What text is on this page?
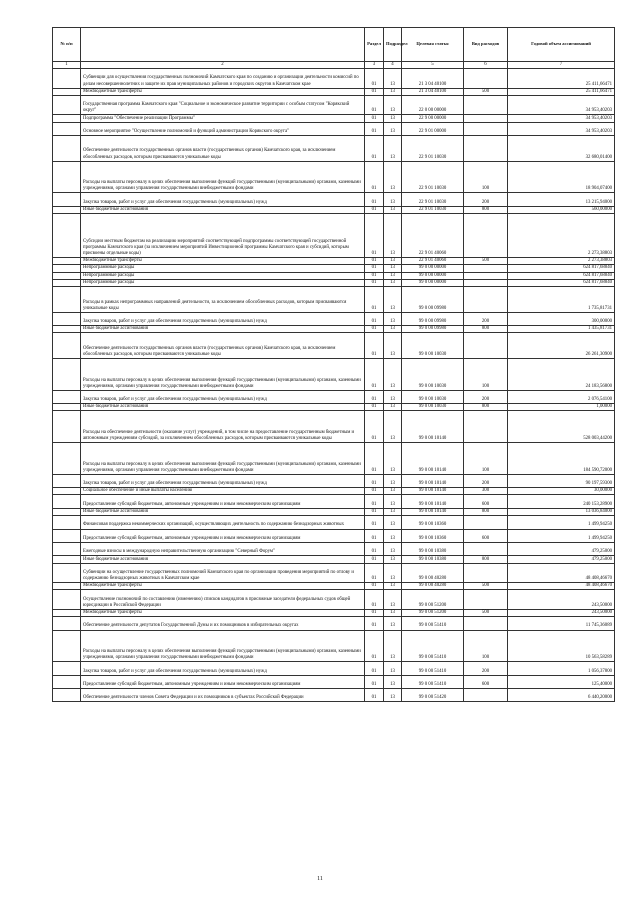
№ п/п		Раздел	Подраздел	Целевая статья	Вид расходов	Годовой объем ассигнований
1	2	3	4	5	6	7
	Субвенции для осуществления государственных полномочий Камчатского края по созданию и организации деятельности комиссий по делам несовершеннолетних и защите их прав муниципальных районов и городских округов в Камчатском крае	01	13	21 3 04 40100		25 411,66471
	Межбюджетные трансферты	01	13	21 3 04 40100	500	25 411,66471
	Государственная программа Камчатского края "Социальное и экономическое развитие территории с особым статусом "Корякский округ"	01	13	22 0 00 00000		34 953,40203
	Подпрограмма "Обеспечение реализации Программы"	01	13	22 9 00 00000		34 953,40203
	Основное мероприятие "Осуществление полномочий и функций администрации Корякского округа"	01	13	22 9 01 00000		34 953,40203
	Обеспечение деятельности государственных органов власти (государственных органов) Камчатского края, за исключением обособленных расходов, которым присваиваются уникальные коды	01	13	22 9 01 10030		32 680,01400
	Расходы на выплаты персоналу в целях обеспечения выполнения функций государственными (муниципальными) органами, казенными учреждениями, органами управления государственными внебюджетными фондами	01	13	22 9 01 10030	100	18 904,07400
	Закупка товаров, работ и услуг для обеспечения государственных (муниципальных) нужд	01	13	22 9 01 10030	200	13 215,94000
	Иные бюджетные ассигнования	01	13	22 9 01 10030	800	560,00000
	Субсидии местным бюджетам на реализацию мероприятий соответствующей подпрограммы соответствующей государственной программы Камчатского края (за исключением мероприятий Инвестиционной программы Камчатского края и субсидий, которым присвоены отдельные коды)	01	13	22 9 01 40060		2 273,38803
	Межбюджетные трансферты	01	13	22 9 01 40060	500	2 273,38803
	Непрограммные расходы	01	13	99 0 00 00000		624 817,68840
	Непрограммные расходы	01	13	99 0 00 00000		624 817,68840
	Непрограммные расходы	01	13	99 0 00 00000		624 817,68840
	Расходы в рамках непрограммных направлений деятельности, за исключением обособленных расходов, которым присваиваются уникальные коды	01	13	99 0 00 09980		1 735,81731
	Закупка товаров, работ и услуг для обеспечения государственных (муниципальных) нужд	01	13	99 0 00 09980	200	300,00000
	Иные бюджетные ассигнования	01	13	99 0 00 09980	800	1 435,81731
	Обеспечение деятельности государственных органов власти (государственных органов) Камчатского края, за исключением обособленных расходов, которым присваиваются уникальные коды	01	13	99 0 00 10030		26 261,30900
	Расходы на выплаты персоналу в целях обеспечения выполнения функций государственными (муниципальными) органами, казенными учреждениями, органами управления государственными внебюджетными фондами	01	13	99 0 00 10030	100	24 183,56800
	Закупка товаров, работ и услуг для обеспечения государственных (муниципальных) нужд	01	13	99 0 00 10030	200	2 076,54100
	Иные бюджетные ассигнования	01	13	99 0 00 10030	800	1,00000
	Расходы на обеспечение деятельности (оказание услуг) учреждений, в том числе на предоставление государственным бюджетным и автономным учреждениям субсидий, за исключением обособленных расходов, которым присваиваются уникальные коды	01	13	99 0 00 10140		528 003,44200
	Расходы на выплаты персоналу в целях обеспечения выполнения функций государственными (муниципальными) органами, казенными учреждениями, органами управления государственными внебюджетными фондами	01	13	99 0 00 10140	100	184 590,72000
	Закупка товаров, работ и услуг для обеспечения государственных (муниципальных) нужд	01	13	99 0 00 10140	200	90 197,59300
	Социальное обеспечение и иные выплаты населению	01	13	99 0 00 10140	300	30,00000
	Предоставление субсидий бюджетным, автономным учреждениям и иным некоммерческим организациям	01	13	99 0 00 10140	600	240 153,28900
	Иные бюджетные ассигнования	01	13	99 0 00 10140	800	13 036,84000
	Финансовая поддержка некоммерческих организаций, осуществляющих деятельность по содержанию безнадзорных животных	01	13	99 0 00 10360		1 499,94250
	Предоставление субсидий бюджетным, автономным учреждениям и иным некоммерческим организациям	01	13	99 0 00 10360	600	1 499,94250
	Ежегодные взносы в международную неправительственную организацию "Северный Форум"	01	13	99 0 00 10380		479,25000
	Иные бюджетные ассигнования	01	13	99 0 00 10380	800	479,25000
	Субвенции на осуществление государственных полномочий Камчатского края по организации проведения мероприятий по отлову и содержанию безнадзорных животных в Камчатском крае	01	13	99 0 00 40280		48 408,46670
	Межбюджетные трансферты	01	13	99 0 00 40280	500	48 408,46670
	Осуществление полномочий по составлению (изменению) списков кандидатов в присяжные заседатели федеральных судов общей юрисдикции в Российской Федерации	01	13	99 0 00 51200		243,50000
	Межбюджетные трансферты	01	13	99 0 00 51200	500	243,50000
	Обеспечение деятельности депутатов Государственной Думы и их помощников в избирательных округах	01	13	99 0 00 51410		11 745,36089
	Расходы на выплаты персоналу в целях обеспечения выполнения функций государственными (муниципальными) органами, казенными учреждениями, органами управления государственными внебюджетными фондами	01	13	99 0 00 51410	100	10 563,58289
	Закупка товаров, работ и услуг для обеспечения государственных (муниципальных) нужд	01	13	99 0 00 51410	200	1 056,37800
	Предоставление субсидий бюджетным, автономным учреждениям и иным некоммерческим организациям	01	13	99 0 00 51410	600	125,40000
	Обеспечение деятельности членов Совета Федерации и их помощников в субъектах Российской Федерации	01	13	99 0 00 51420		6 440,20000
11
